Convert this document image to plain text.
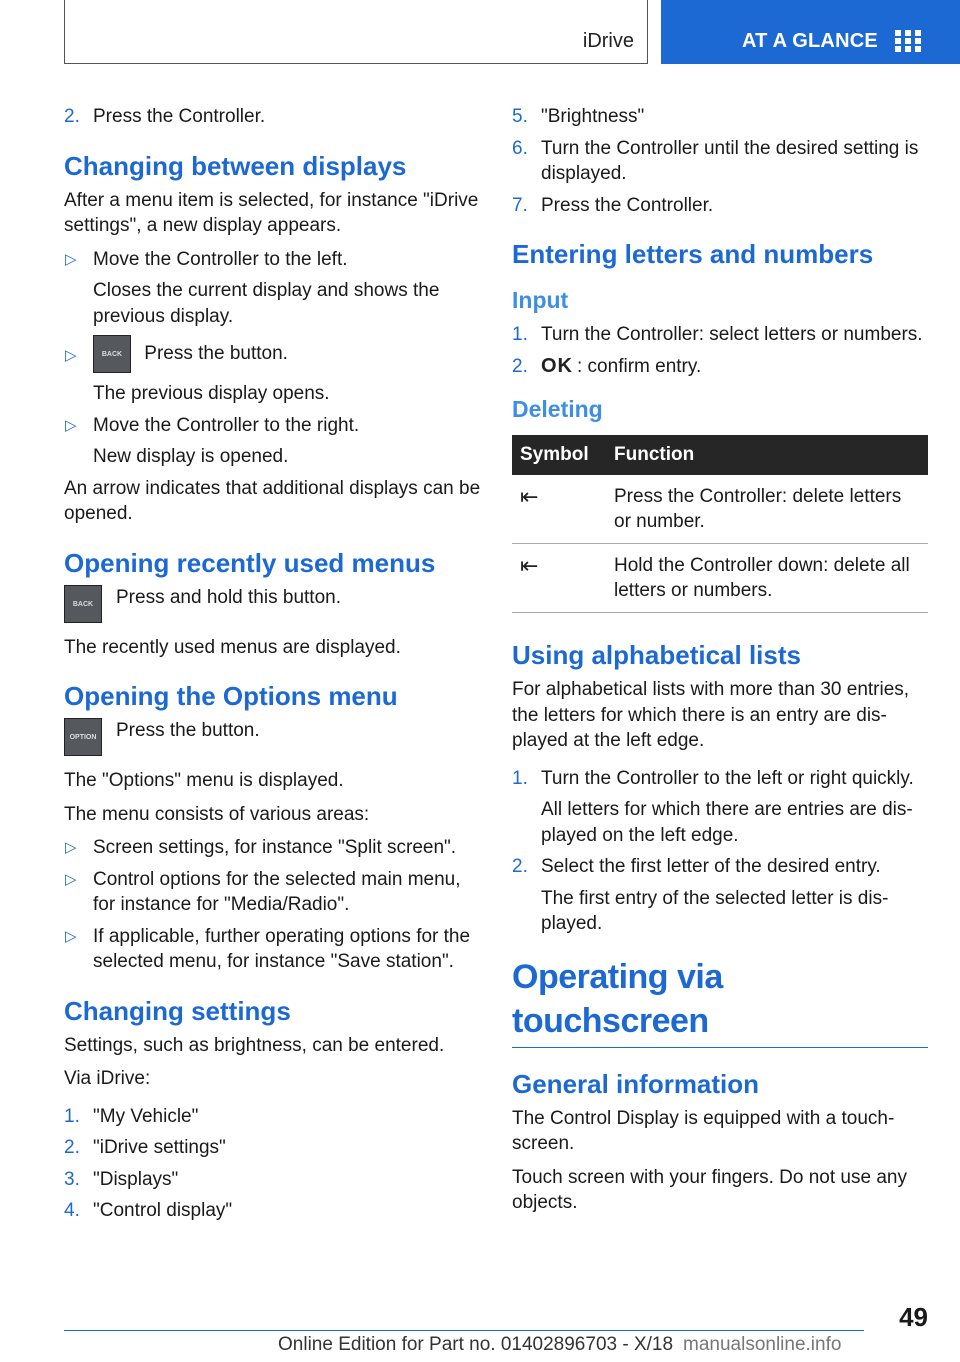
iDrive	AT A GLANCE
2. Press the Controller.
Changing between displays

After a menu item is selected, for instance "iDrive settings", a new display appears.

▷ Move the Controller to the left.
Closes the current display and shows the previous display.
▷	BACK Press the button.
The previous display opens.
▷ Move the Controller to the right.
New display is opened.

An arrow indicates that additional displays can be opened.

Opening recently used menus
BACK	Press and hold this button.

The recently used menus are displayed.

Opening the Options menu
OPTION Press the button.

The "Options" menu is displayed.

The menu consists of various areas:

▷ Screen settings, for instance "Split screen".
▷ Control options for the selected main menu, for instance for "Media/Radio".
▷ If applicable, further operating options for the selected menu, for instance "Save station".
Changing settings

Settings, such as brightness, can be entered.

Via iDrive:

1. "My Vehicle"
2. "iDrive settings"
3. "Displays"
4. "Control display"
5. "Brightness"
6. Turn the Controller until the desired setting is displayed.
7. Press the Controller.
Entering letters and numbers
Input
1. Turn the Controller: select letters or numbers.
2. OK : confirm entry.
Deleting
Symbol	Function
⇤	Press the Controller: delete letters or number.
⇤	Hold the Controller down: delete all letters or numbers.
Using alphabetical lists

For alphabetical lists with more than 30 entries, the letters for which there is an entry are dis-played at the left edge.

1. Turn the Controller to the left or right quickly.
All letters for which there are entries are dis-played on the left edge.
2. Select the first letter of the desired entry.
The first entry of the selected letter is dis-played.
Operating via touchscreen
General information

The Control Display is equipped with a touch-screen.

Touch screen with your fingers. Do not use any objects.

49
Online Edition for Part no. 01402896703 - X/18 manualsonline.info
